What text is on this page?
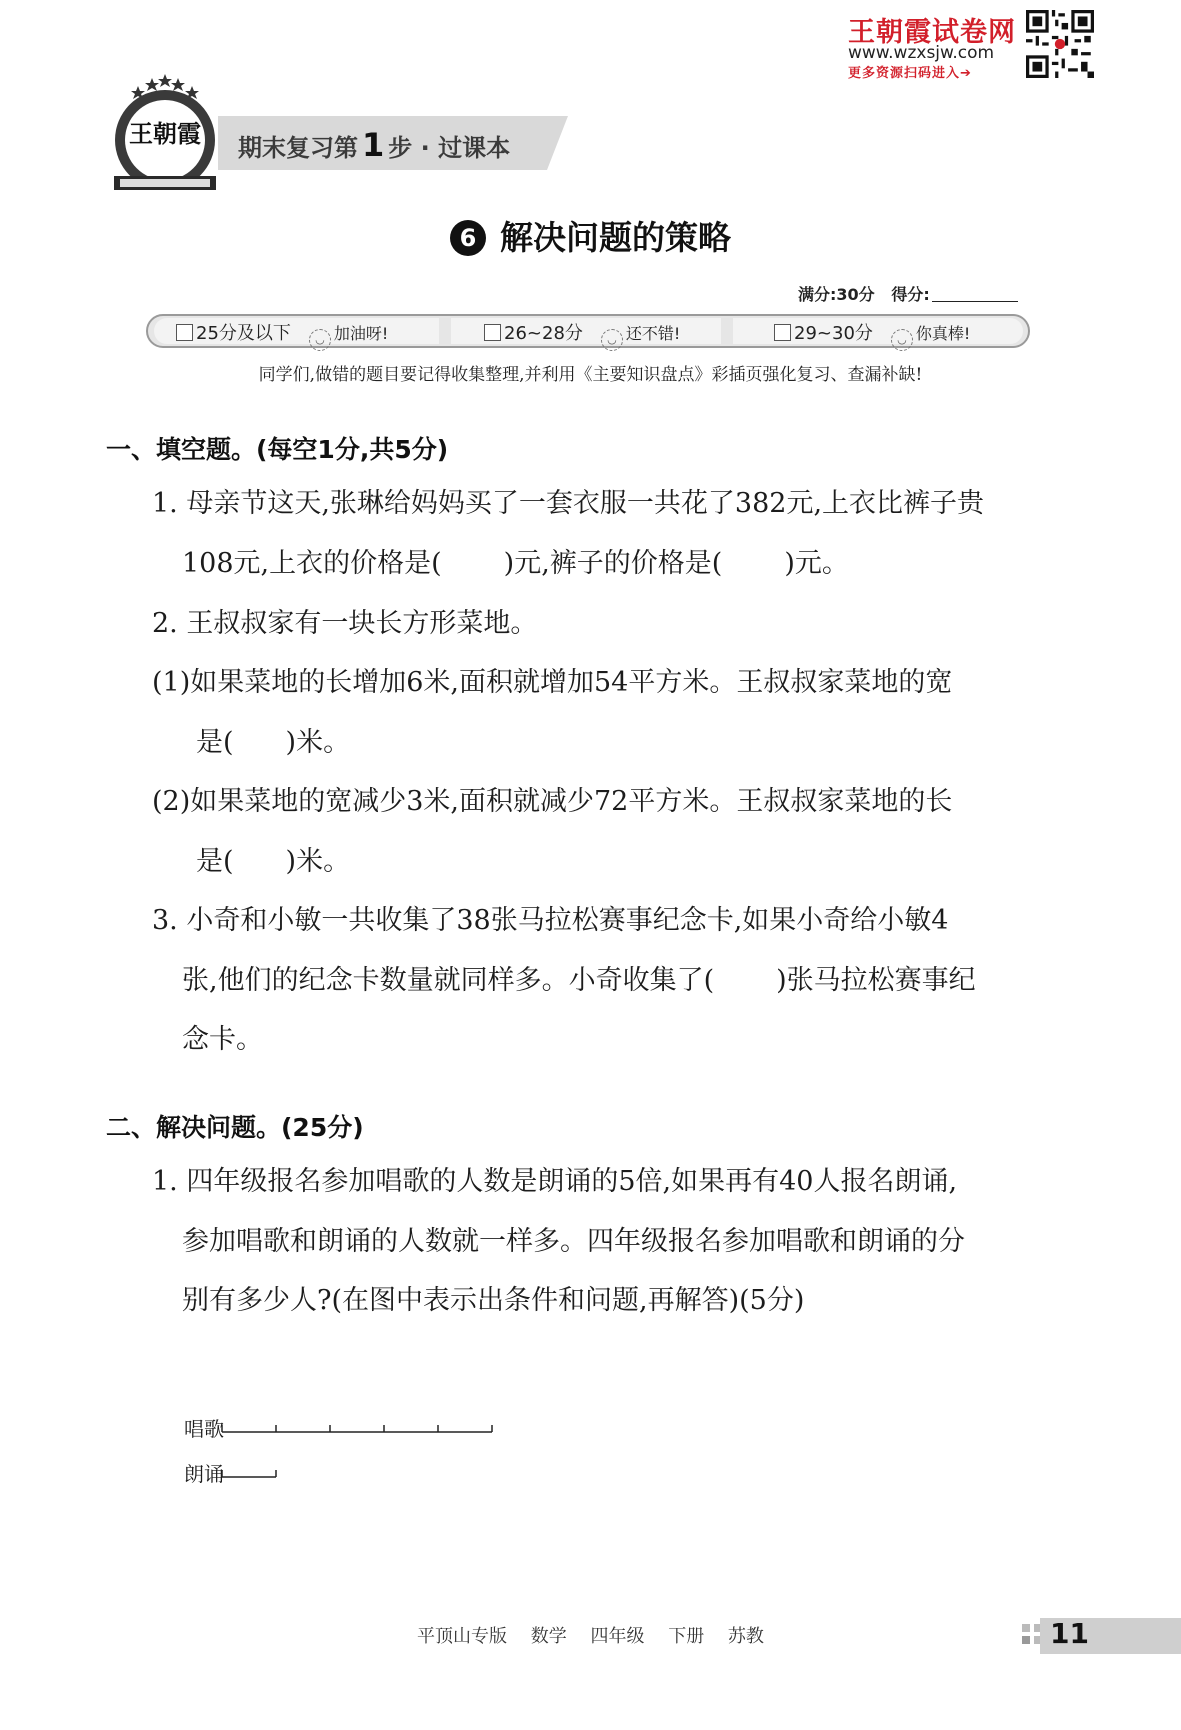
王朝霞试卷网
www.wzxsjw.com
更多资源扫码进入➔
王朝霞 期末复习第 1 步 · 过课本
6 解决问题的策略
满分:30分 得分:
25分及以下 ◡ 加油呀!	26~28分 ◡ 还不错!	29~30分 ◡ 你真棒!
同学们,做错的题目要记得收集整理,并利用《主要知识盘点》彩插页强化复习、查漏补缺!
一、填空题。(每空1分,共5分)
1. 母亲节这天,张琳给妈妈买了一套衣服一共花了382元,上衣比裤子贵
108元,上衣的价格是( )元,裤子的价格是( )元。
2. 王叔叔家有一块长方形菜地。
(1)如果菜地的长增加6米,面积就增加54平方米。王叔叔家菜地的宽
是( )米。
(2)如果菜地的宽减少3米,面积就减少72平方米。王叔叔家菜地的长
是( )米。
3. 小奇和小敏一共收集了38张马拉松赛事纪念卡,如果小奇给小敏4
张,他们的纪念卡数量就同样多。小奇收集了( )张马拉松赛事纪
念卡。
二、解决问题。(25分)
1. 四年级报名参加唱歌的人数是朗诵的5倍,如果再有40人报名朗诵,
参加唱歌和朗诵的人数就一样多。四年级报名参加唱歌和朗诵的分
别有多少人?(在图中表示出条件和问题,再解答)(5分)
唱歌
朗诵
平顶山专版 数学 四年级 下册 苏教	11
